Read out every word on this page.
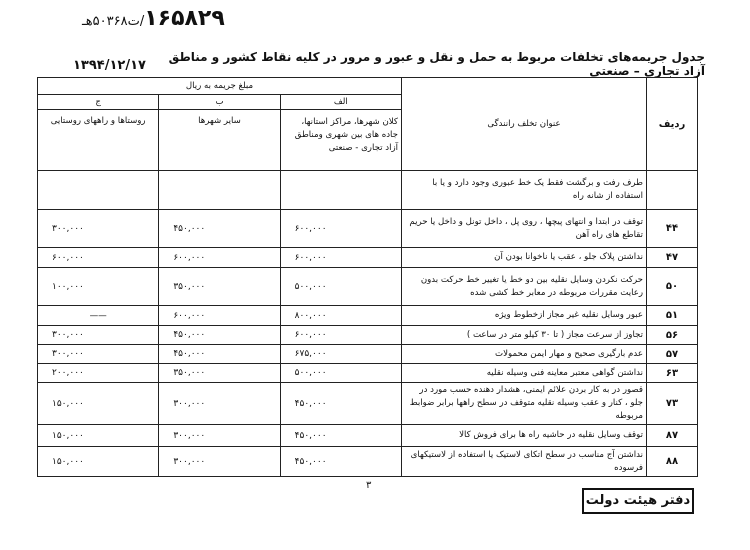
۱۶۵۸۲۹/ت۵۰۳۶۸هـ
جدول جریمه‌های تخلفات مربوط به حمل و نقل و عبور و مرور در کلیه نقاط کشور و مناطق آزاد تجاری – صنعتی
۱۳۹۴/۱۲/۱۷
ردیف	عنوان تخلف رانندگی	مبلغ جریمه به ریال		
		الف	ب	ج
		کلان شهرها، مراکز استانها، جاده های بین شهری ومناطق آزاد تجاری - صنعتی	سایر شهرها	روستاها و راههای روستایی
	طرف رفت و برگشت فقط یک خط عبوری وجود دارد و یا با استفاده از شانه راه			
۴۴	توقف در ابتدا و انتهای پیچها ، روی پل ، داخل تونل و داخل یا حریم تقاطع های راه آهن	۶۰۰,۰۰۰	۴۵۰,۰۰۰	۳۰۰,۰۰۰
۴۷	نداشتن پلاک جلو ، عقب یا ناخوانا بودن آن	۶۰۰,۰۰۰	۶۰۰,۰۰۰	۶۰۰,۰۰۰
۵۰	حرکت نکردن وسایل نقلیه بین دو خط یا تغییر خط حرکت بدون رعایت مقررات مربوطه در معابر خط کشی شده	۵۰۰,۰۰۰	۳۵۰,۰۰۰	۱۰۰,۰۰۰
۵۱	عبور وسایل نقلیه غیر مجاز ازخطوط ویژه	۸۰۰,۰۰۰	۶۰۰,۰۰۰	——
۵۶	تجاوز از سرعت مجاز ( تا ۳۰ کیلو متر در ساعت )	۶۰۰,۰۰۰	۴۵۰,۰۰۰	۳۰۰,۰۰۰
۵۷	عدم بارگیری صحیح و مهار ایمن محمولات	۶۷۵,۰۰۰	۴۵۰,۰۰۰	۳۰۰,۰۰۰
۶۳	نداشتن گواهی معتبر معاینه فنی وسیله نقلیه	۵۰۰,۰۰۰	۳۵۰,۰۰۰	۲۰۰,۰۰۰
۷۳	قصور در به کار بردن علائم ایمنی، هشدار دهنده حسب مورد در جلو ، کنار و عقب وسیله نقلیه متوقف در سطح راهها برابر ضوابط مربوطه	۴۵۰,۰۰۰	۳۰۰,۰۰۰	۱۵۰,۰۰۰
۸۷	توقف وسایل نقلیه در حاشیه راه ها برای فروش کالا	۴۵۰,۰۰۰	۳۰۰,۰۰۰	۱۵۰,۰۰۰
۸۸	نداشتن آج مناسب در سطح اتکای لاستیک یا استفاده از لاستیکهای فرسوده	۴۵۰,۰۰۰	۳۰۰,۰۰۰	۱۵۰,۰۰۰
۳
دفتر هیئت دولت
